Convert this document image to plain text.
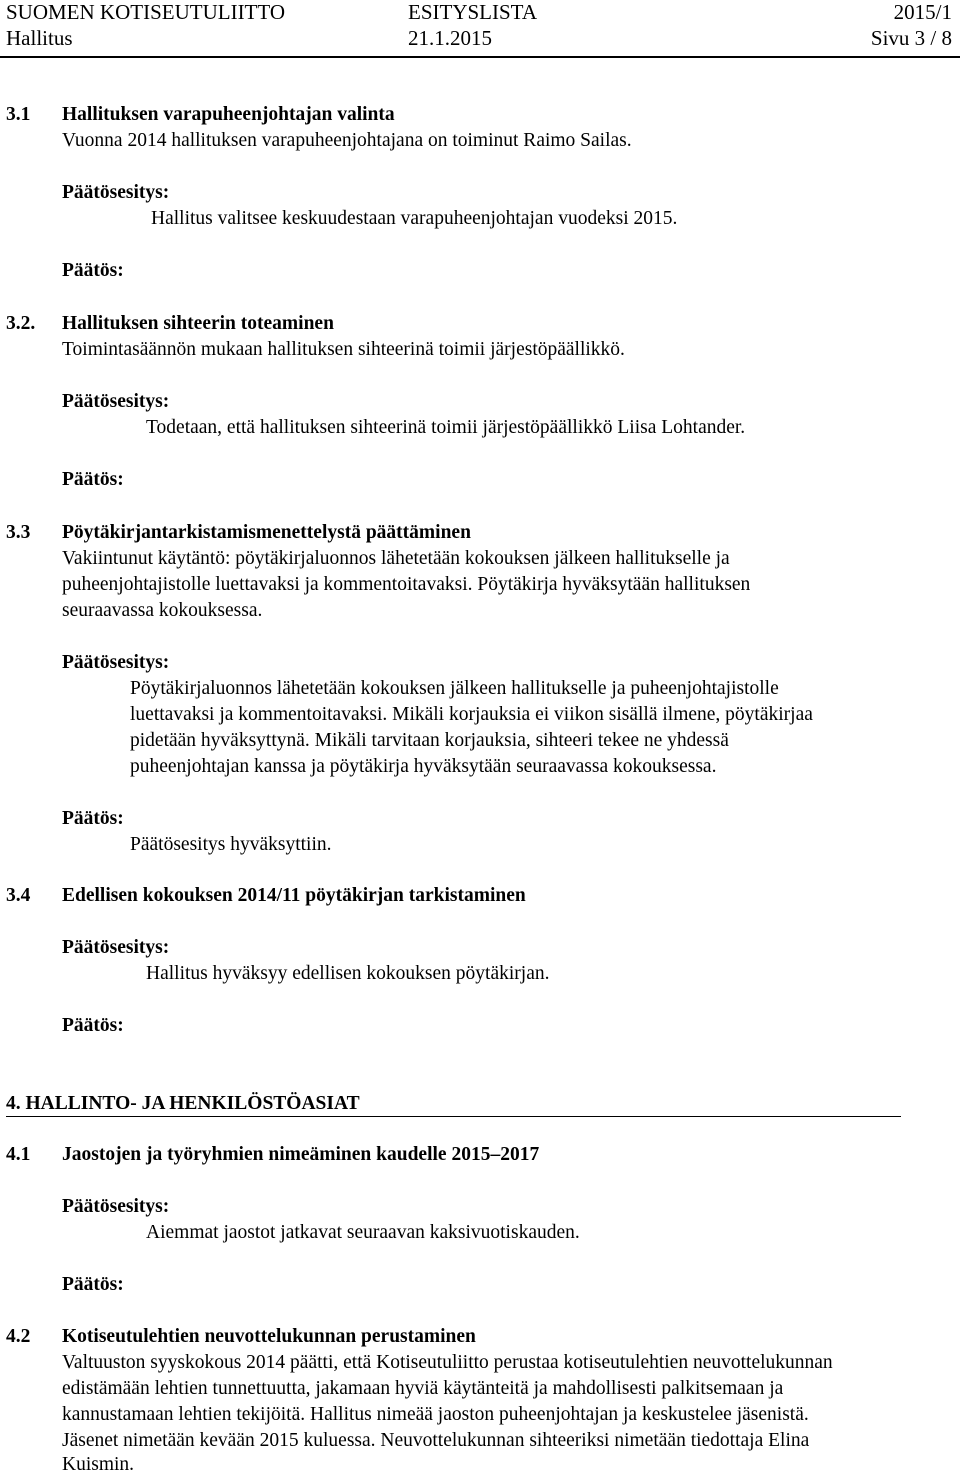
SUOMEN KOTISEUTULIITTO	ESITYSLISTA	2015/1
Hallitus	21.1.2015	Sivu 3 / 8
3.1 Hallituksen varapuheenjohtajan valinta
Vuonna 2014 hallituksen varapuheenjohtajana on toiminut Raimo Sailas.
Päätösesitys:
Hallitus valitsee keskuudestaan varapuheenjohtajan vuodeksi 2015.
Päätös:
3.2. Hallituksen sihteerin toteaminen
Toimintasäännön mukaan hallituksen sihteerinä toimii järjestöpäällikkö.
Päätösesitys:
Todetaan, että hallituksen sihteerinä toimii järjestöpäällikkö Liisa Lohtander.
Päätös:
3.3 Pöytäkirjantarkistamismenettelystä päättäminen
Vakiintunut käytäntö: pöytäkirjaluonnos lähetetään kokouksen jälkeen hallitukselle ja
puheenjohtajistolle luettavaksi ja kommentoitavaksi. Pöytäkirja hyväksytään hallituksen
seuraavassa kokouksessa.
Päätösesitys:
Pöytäkirjaluonnos lähetetään kokouksen jälkeen hallitukselle ja puheenjohtajistolle
luettavaksi ja kommentoitavaksi. Mikäli korjauksia ei viikon sisällä ilmene, pöytäkirjaa
pidetään hyväksyttynä. Mikäli tarvitaan korjauksia, sihteeri tekee ne yhdessä
puheenjohtajan kanssa ja pöytäkirja hyväksytään seuraavassa kokouksessa.
Päätös:
Päätösesitys hyväksyttiin.
3.4 Edellisen kokouksen 2014/11 pöytäkirjan tarkistaminen
Päätösesitys:
Hallitus hyväksyy edellisen kokouksen pöytäkirjan.
Päätös:
4. HALLINTO- JA HENKILÖSTÖASIAT
4.1 Jaostojen ja työryhmien nimeäminen kaudelle 2015–2017
Päätösesitys:
Aiemmat jaostot jatkavat seuraavan kaksivuotiskauden.
Päätös:
4.2 Kotiseutulehtien neuvottelukunnan perustaminen
Valtuuston syyskokous 2014 päätti, että Kotiseutuliitto perustaa kotiseutulehtien neuvottelukunnan
edistämään lehtien tunnettuutta, jakamaan hyviä käytänteitä ja mahdollisesti palkitsemaan ja
kannustamaan lehtien tekijöitä. Hallitus nimeää jaoston puheenjohtajan ja keskustelee jäsenistä.
Jäsenet nimetään kevään 2015 kuluessa. Neuvottelukunnan sihteeriksi nimetään tiedottaja Elina
Kuismin.
